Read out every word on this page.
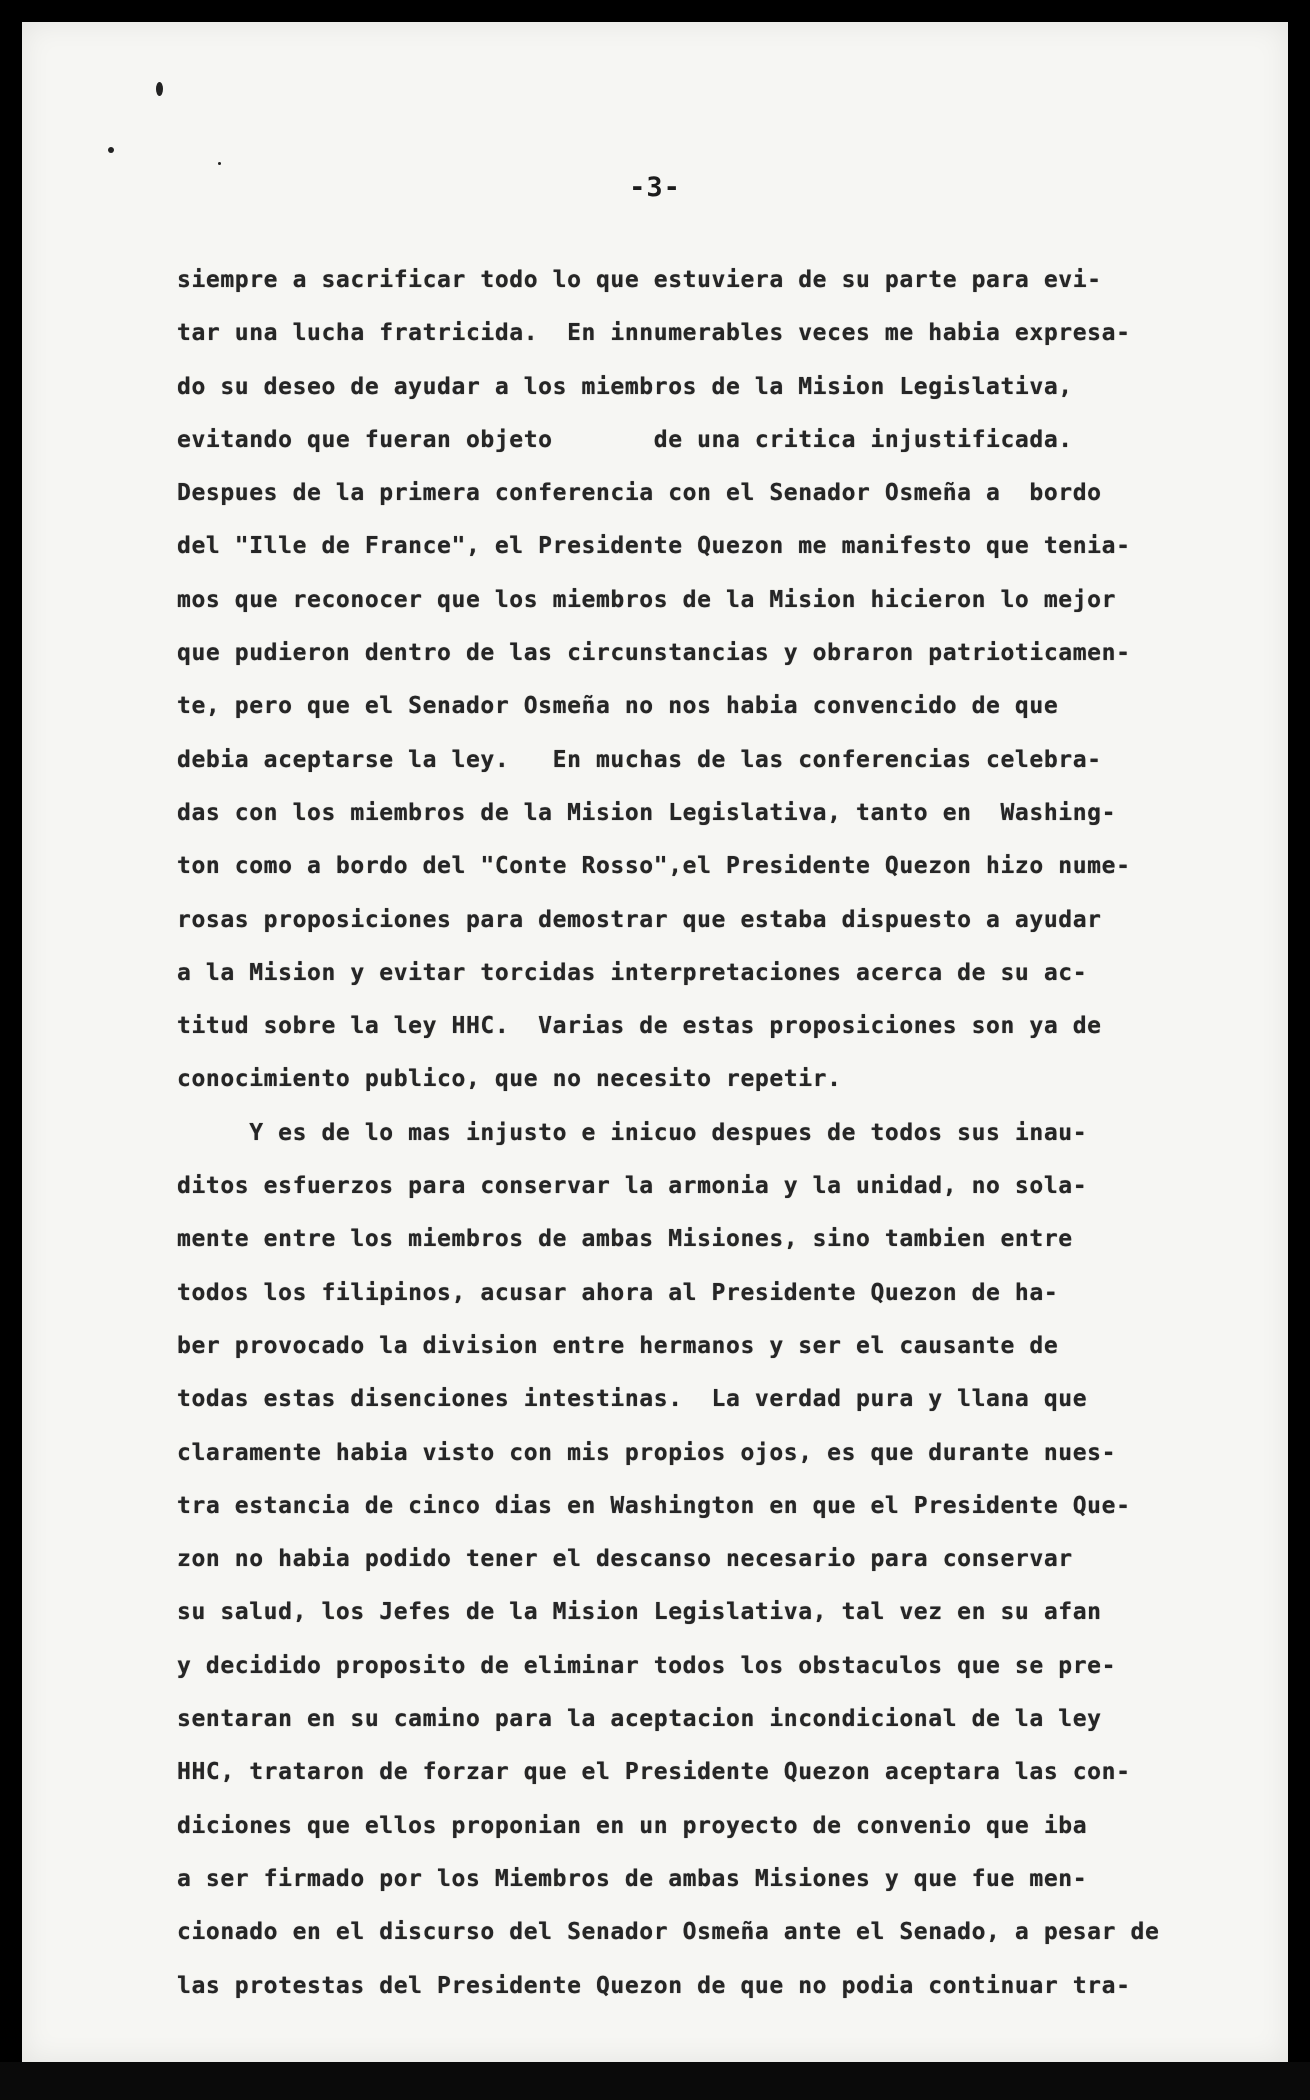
-3-
siempre a sacrificar todo lo que estuviera de su parte para evi-
tar una lucha fratricida.  En innumerables veces me habia expresa-
do su deseo de ayudar a los miembros de la Mision Legislativa,
evitando que fueran objeto       de una critica injustificada.
Despues de la primera conferencia con el Senador Osmeña a  bordo
del "Ille de France", el Presidente Quezon me manifesto que tenia-
mos que reconocer que los miembros de la Mision hicieron lo mejor
que pudieron dentro de las circunstancias y obraron patrioticamen-
te, pero que el Senador Osmeña no nos habia convencido de que
debia aceptarse la ley.   En muchas de las conferencias celebra-
das con los miembros de la Mision Legislativa, tanto en  Washing-
ton como a bordo del "Conte Rosso",el Presidente Quezon hizo nume-
rosas proposiciones para demostrar que estaba dispuesto a ayudar
a la Mision y evitar torcidas interpretaciones acerca de su ac-
titud sobre la ley HHC.  Varias de estas proposiciones son ya de
conocimiento publico, que no necesito repetir.
Y es de lo mas injusto e inicuo despues de todos sus inau-
ditos esfuerzos para conservar la armonia y la unidad, no sola-
mente entre los miembros de ambas Misiones, sino tambien entre
todos los filipinos, acusar ahora al Presidente Quezon de ha-
ber provocado la division entre hermanos y ser el causante de
todas estas disenciones intestinas.  La verdad pura y llana que
claramente habia visto con mis propios ojos, es que durante nues-
tra estancia de cinco dias en Washington en que el Presidente Que-
zon no habia podido tener el descanso necesario para conservar
su salud, los Jefes de la Mision Legislativa, tal vez en su afan
y decidido proposito de eliminar todos los obstaculos que se pre-
sentaran en su camino para la aceptacion incondicional de la ley
HHC, trataron de forzar que el Presidente Quezon aceptara las con-
diciones que ellos proponian en un proyecto de convenio que iba
a ser firmado por los Miembros de ambas Misiones y que fue men-
cionado en el discurso del Senador Osmeña ante el Senado, a pesar de
las protestas del Presidente Quezon de que no podia continuar tra-
